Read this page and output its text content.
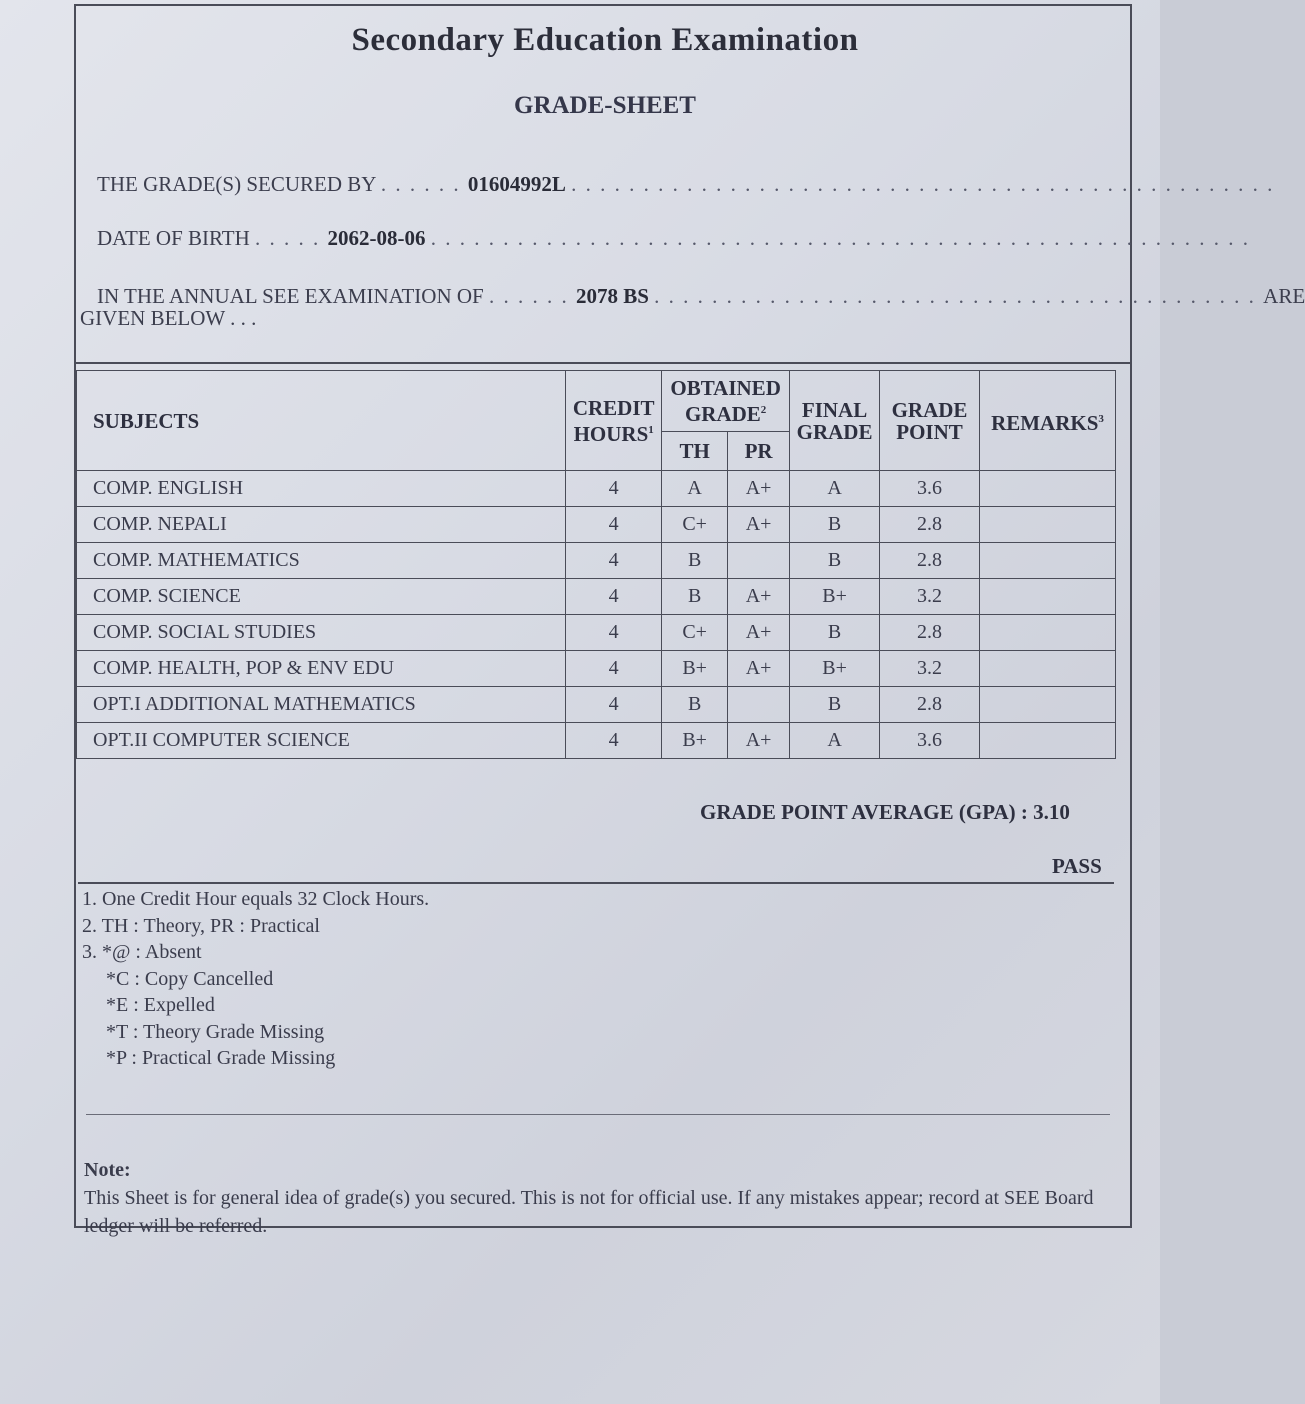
Secondary Education Examination
GRADE-SHEET
THE GRADE(S) SECURED BY . . . . . . 01604992L . . . . . . . . . . . . . . . . . . . . . . . . . . . . . . . . . . . . . . . . . . . . . . . . .
DATE OF BIRTH . . . . . 2062-08-06 . . . . . . . . . . . . . . . . . . . . . . . . . . . . . . . . . . . . . . . . . . . . . . . . . . . . . . . . .
IN THE ANNUAL SEE EXAMINATION OF . . . . . . 2078 BS . . . . . . . . . . . . . . . . . . . . . . . . . . . . . . . . . . . . . . . . . . ARE
GIVEN BELOW . . .
SUBJECTS	CREDIT HOURS$^1$	OBTAINED GRADE$^2$		FINAL GRADE	GRADE POINT	REMARKS$^3$
		TH	PR			
COMP. ENGLISH	4	A	A+	A	3.6	
COMP. NEPALI	4	C+	A+	B	2.8	
COMP. MATHEMATICS	4	B		B	2.8	
COMP. SCIENCE	4	B	A+	B+	3.2	
COMP. SOCIAL STUDIES	4	C+	A+	B	2.8	
COMP. HEALTH, POP & ENV EDU	4	B+	A+	B+	3.2	
OPT.I ADDITIONAL MATHEMATICS	4	B		B	2.8	
OPT.II COMPUTER SCIENCE	4	B+	A+	A	3.6	
GRADE POINT AVERAGE (GPA) : 3.10
PASS
1. One Credit Hour equals 32 Clock Hours.
2. TH : Theory, PR : Practical
3. *@ : Absent
*C : Copy Cancelled
*E : Expelled
*T : Theory Grade Missing
*P : Practical Grade Missing
Note:
This Sheet is for general idea of grade(s) you secured. This is not for official use. If any mistakes appear; record at SEE Board ledger will be referred.
